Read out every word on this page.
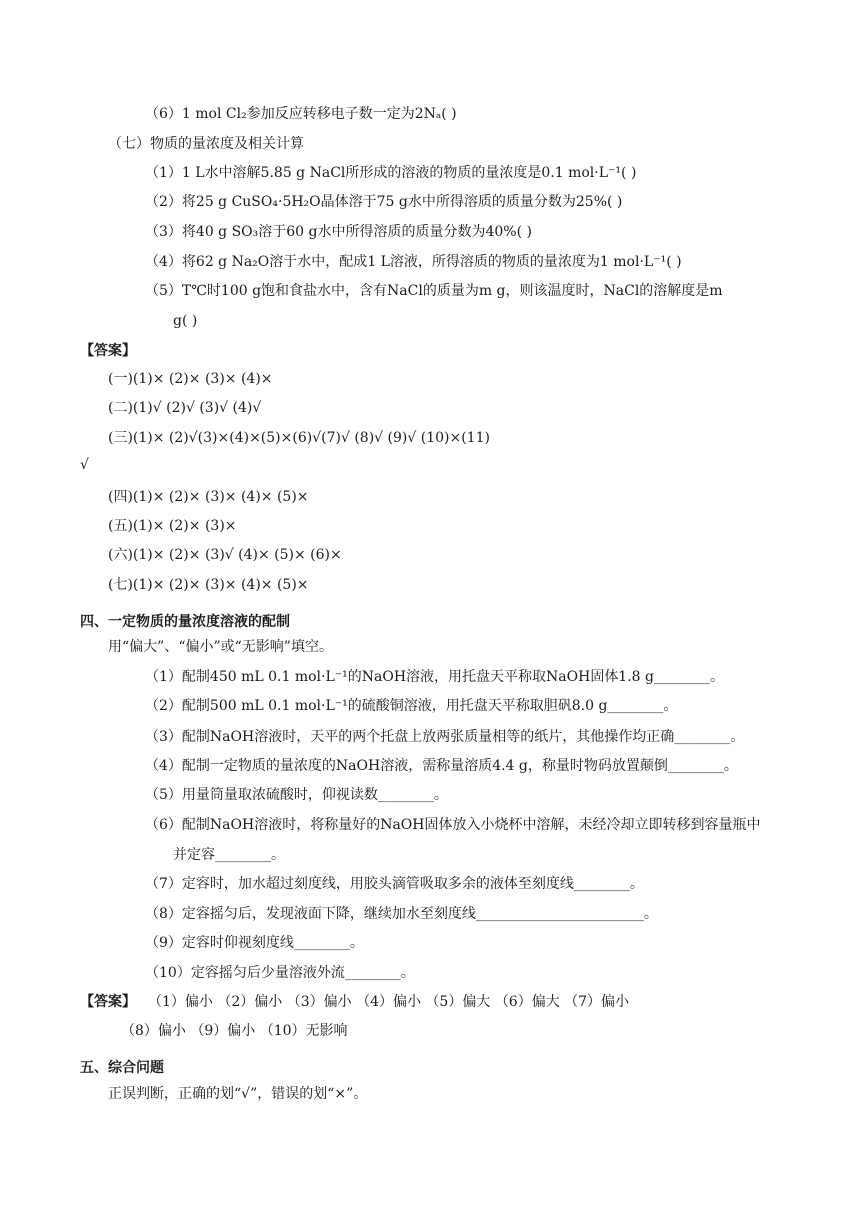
（6）1 mol Cl₂参加反应转移电子数一定为2Nₐ( )
（七）物质的量浓度及相关计算
（1）1 L水中溶解5.85 g NaCl所形成的溶液的物质的量浓度是0.1 mol·L⁻¹( )
（2）将25 g CuSO₄·5H₂O晶体溶于75 g水中所得溶质的质量分数为25%( )
（3）将40 g SO₃溶于60 g水中所得溶质的质量分数为40%( )
（4）将62 g Na₂O溶于水中，配成1 L溶液，所得溶质的物质的量浓度为1 mol·L⁻¹( )
（5）T℃时100 g饱和食盐水中，含有NaCl的质量为m g，则该温度时，NaCl的溶解度是m
g( )
【答案】
(一)(1)× (2)× (3)× (4)×
(二)(1)√ (2)√ (3)√ (4)√
(三)(1)× (2)√(3)×(4)×(5)×(6)√(7)√ (8)√ (9)√ (10)×(11)
√
(四)(1)× (2)× (3)× (4)× (5)×
(五)(1)× (2)× (3)×
(六)(1)× (2)× (3)√ (4)× (5)× (6)×
(七)(1)× (2)× (3)× (4)× (5)×
四、一定物质的量浓度溶液的配制
用“偏大”、“偏小”或“无影响”填空。
（1）配制450 mL 0.1 mol·L⁻¹的NaOH溶液，用托盘天平称取NaOH固体1.8 g________。
（2）配制500 mL 0.1 mol·L⁻¹的硫酸铜溶液，用托盘天平称取胆矾8.0 g________。
（3）配制NaOH溶液时，天平的两个托盘上放两张质量相等的纸片，其他操作均正确________。
（4）配制一定物质的量浓度的NaOH溶液，需称量溶质4.4 g，称量时物码放置颠倒________。
（5）用量筒量取浓硫酸时，仰视读数________。
（6）配制NaOH溶液时，将称量好的NaOH固体放入小烧杯中溶解，未经冷却立即转移到容量瓶中
并定容________。
（7）定容时，加水超过刻度线，用胶头滴管吸取多余的液体至刻度线________。
（8）定容摇匀后，发现液面下降，继续加水至刻度线________________________。
（9）定容时仰视刻度线________。
（10）定容摇匀后少量溶液外流________。
【答案】 （1）偏小 （2）偏小 （3）偏小 （4）偏小 （5）偏大 （6）偏大 （7）偏小
（8）偏小 （9）偏小 （10）无影响
五、综合问题
正误判断，正确的划“√”，错误的划“×”。
